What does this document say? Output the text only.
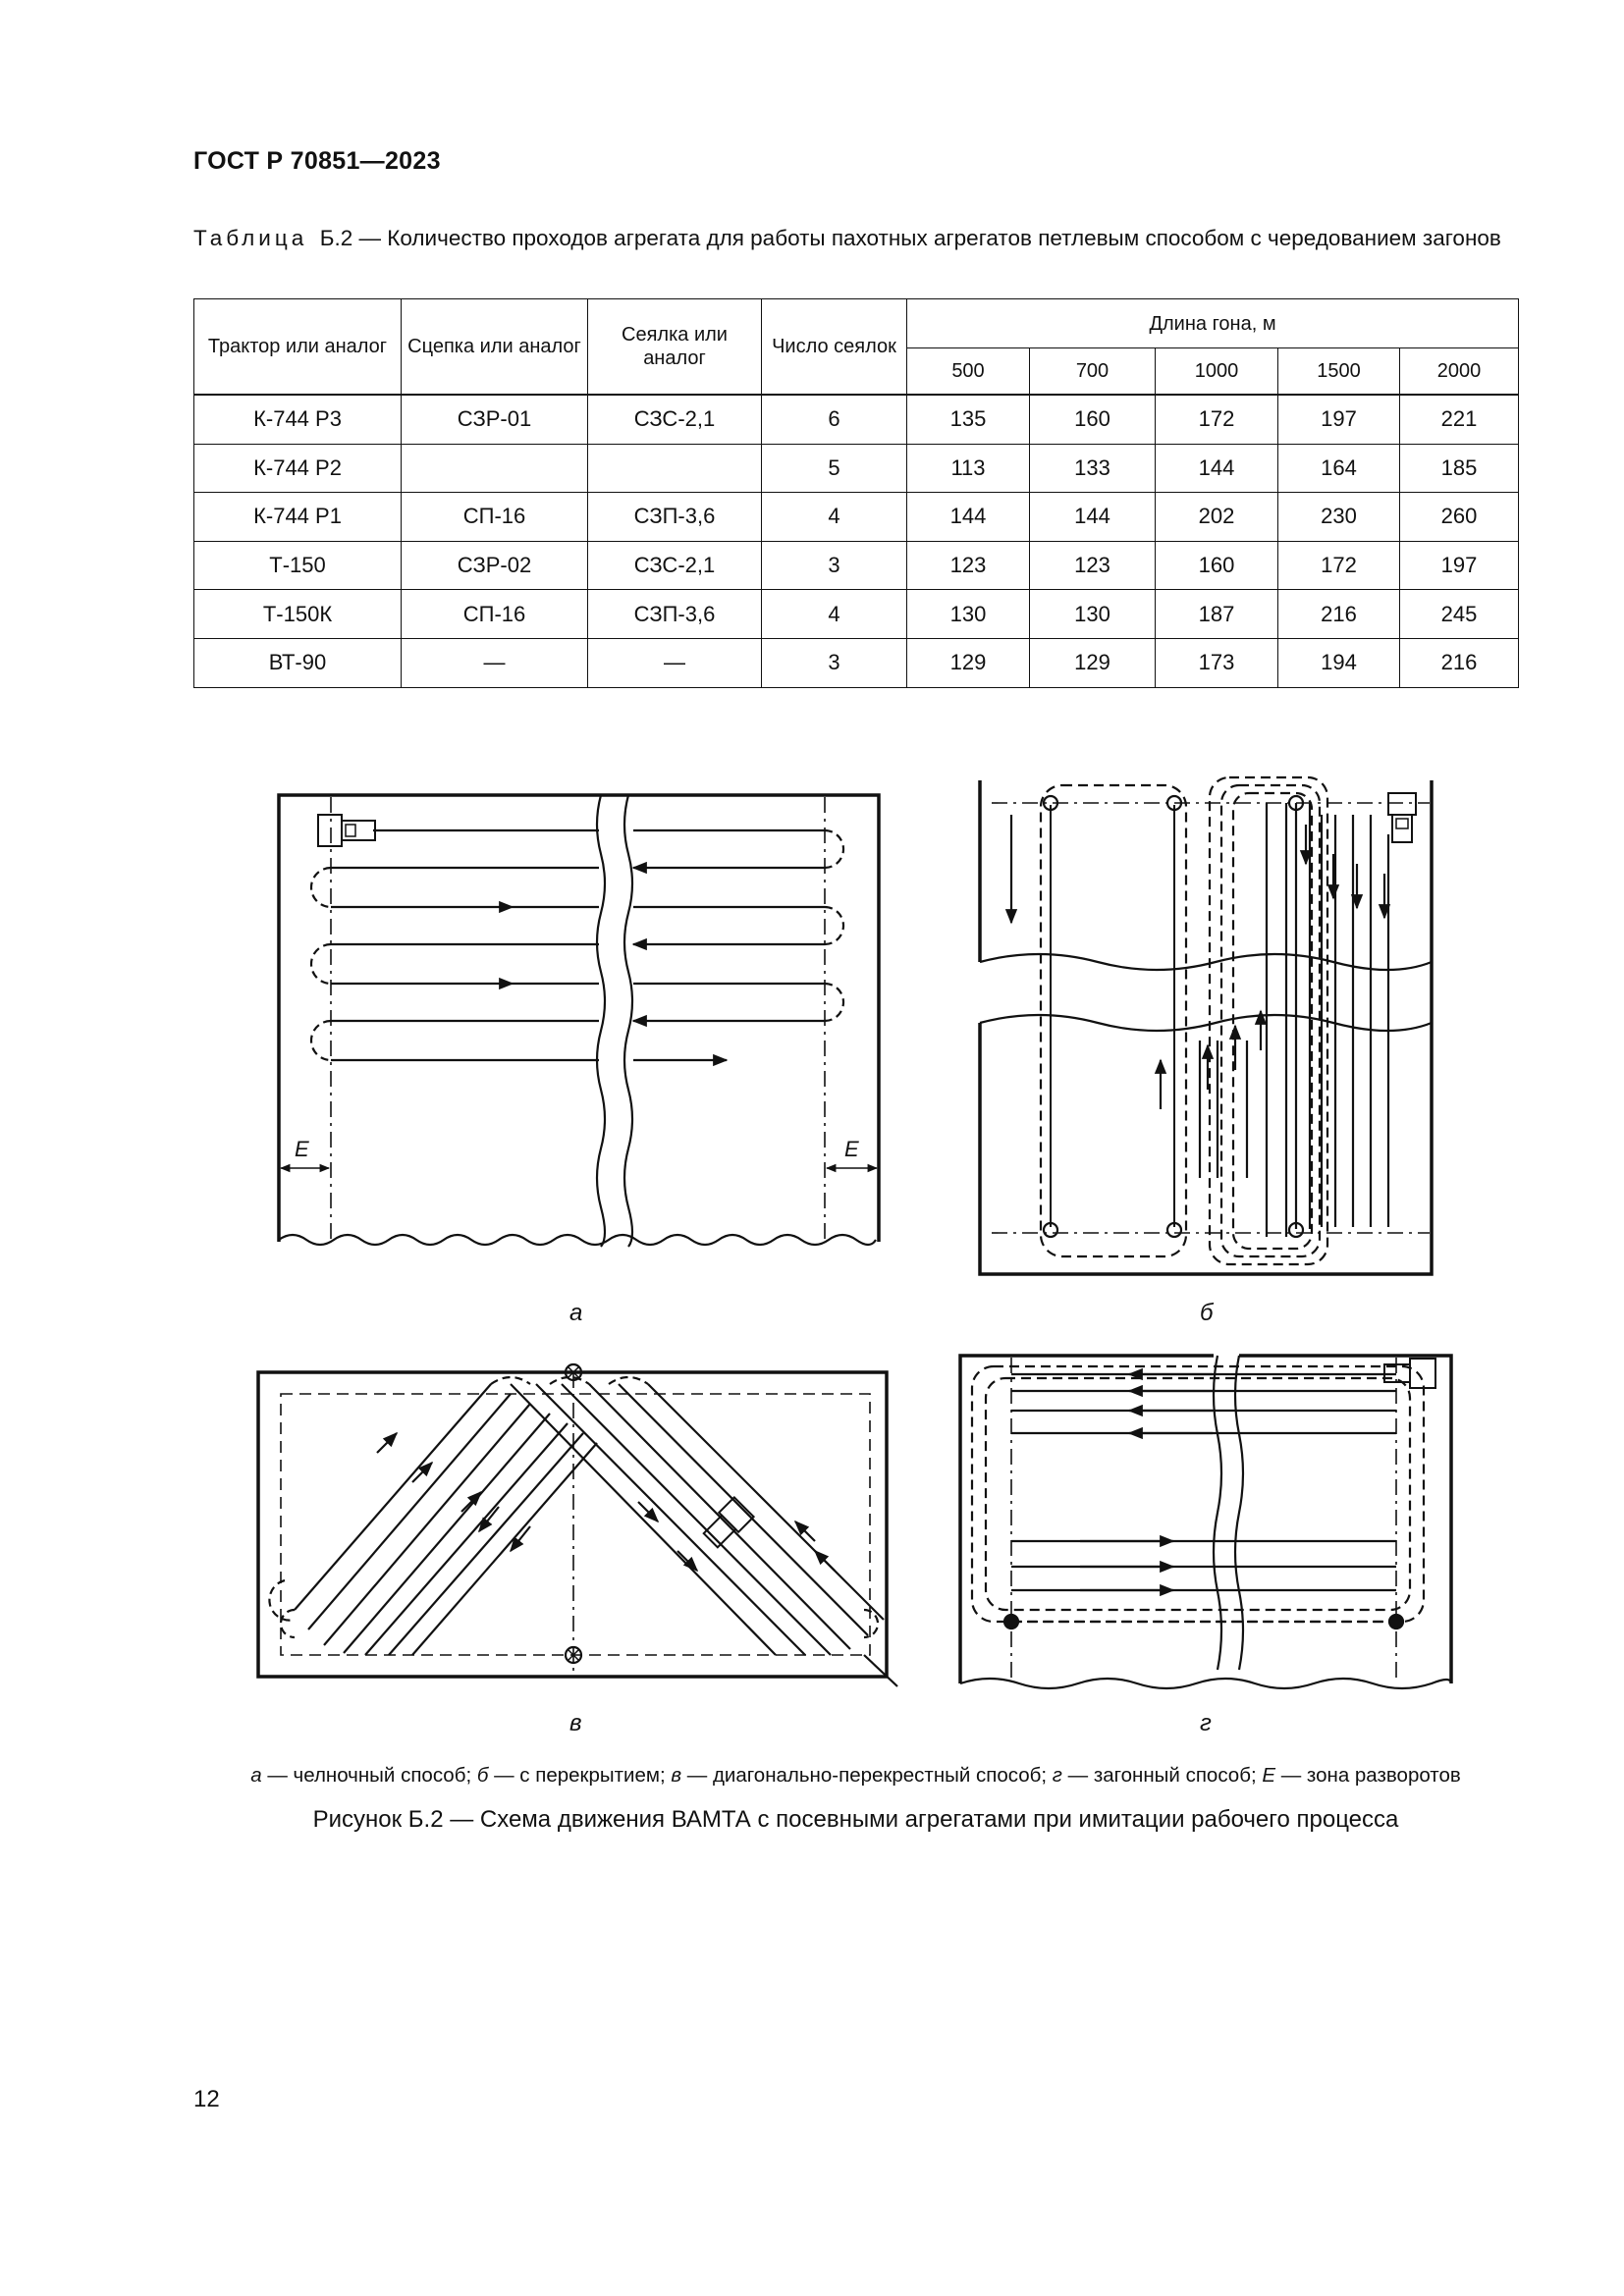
ГОСТ Р 70851—2023
Таблица Б.2 — Количество проходов агрегата для работы пахотных агрегатов петлевым способом с чередованием загонов
Трактор или аналог	Сцепка или аналог	Сеялка или аналог	Число сеялок	Длина гона, м				
				500	700	1000	1500	2000
К-744 Р3	СЗР-01	СЗС-2,1	6	135	160	172	197	221
К-744 Р2			5	113	133	144	164	185
К-744 Р1	СП-16	СЗП-3,6	4	144	144	202	230	260
Т-150	СЗР-02	СЗС-2,1	3	123	123	160	172	197
Т-150К	СП-16	СЗП-3,6	4	130	130	187	216	245
ВТ-90	—	—	3	129	129	173	194	216
Е	Е
а	б
в	г
а — челночный способ; б — с перекрытием; в — диагонально-перекрестный способ; г — загонный способ; Е — зона разворотов
Рисунок Б.2 — Схема движения ВАМТА с посевными агрегатами при имитации рабочего процесса
12
